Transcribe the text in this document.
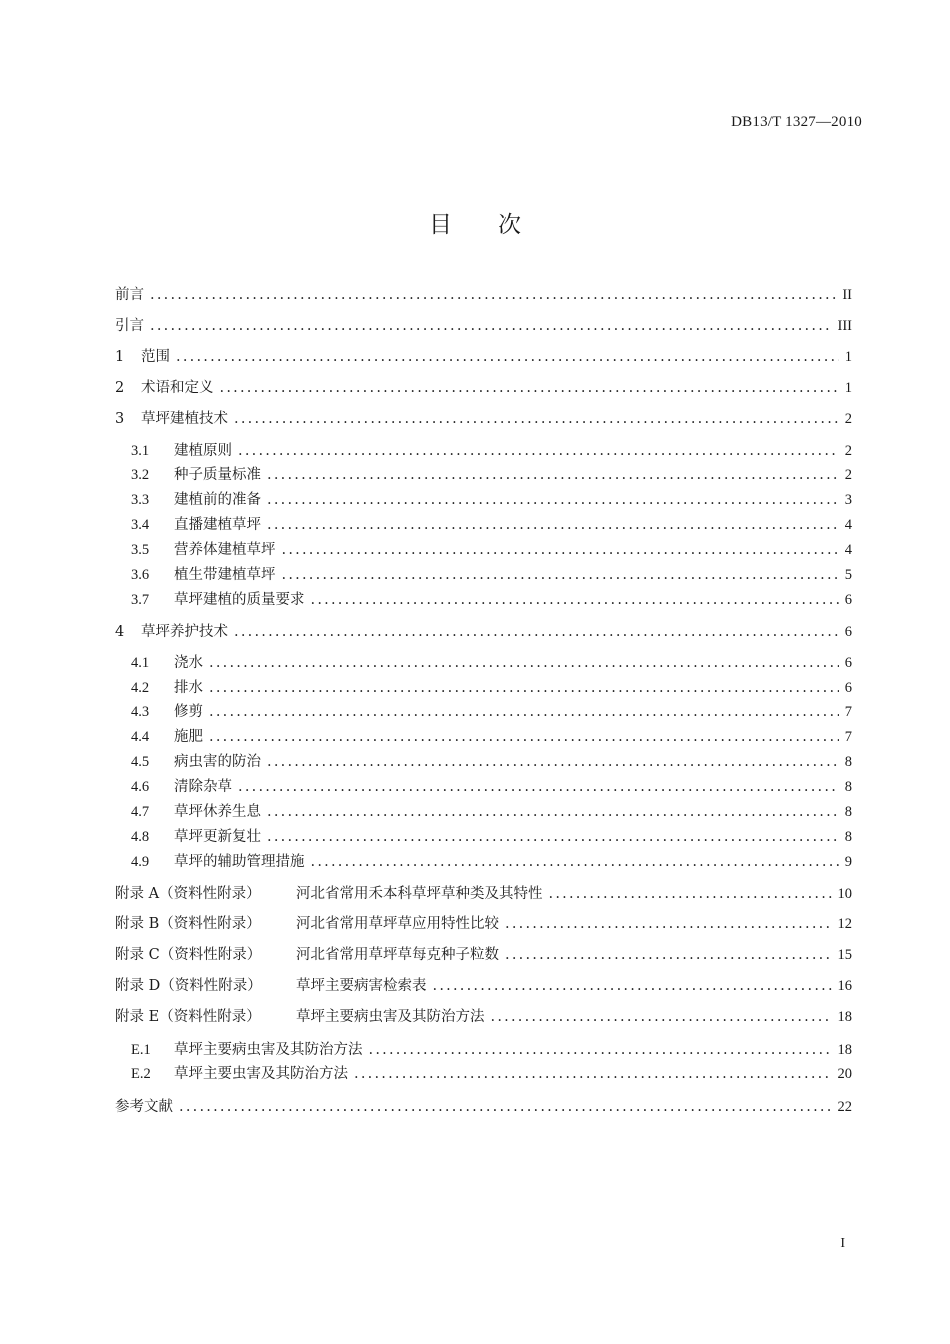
DB13/T 1327—2010
目 次
前言 . . .	II
引言 . . .	III
1	范围 . . .	1
2	术语和定义 . . .	1
3	草坪建植技术 . . .	2
3.1	建植原则 . . .	2
3.2	种子质量标准 . . .	2
3.3	建植前的准备 . . .	3
3.4	直播建植草坪 . . .	4
3.5	营养体建植草坪 . . .	4
3.6	植生带建植草坪 . . .	5
3.7	草坪建植的质量要求 . . .	6
4	草坪养护技术 . . .	6
4.1	浇水 . . .	6
4.2	排水 . . .	6
4.3	修剪 . . .	7
4.4	施肥 . . .	7
4.5	病虫害的防治 . . .	8
4.6	清除杂草 . . .	8
4.7	草坪休养生息 . . .	8
4.8	草坪更新复壮 . . .	8
4.9	草坪的辅助管理措施 . . .	9
附录 A（资料性附录）	河北省常用禾本科草坪草种类及其特性 . . .	10
附录 B（资料性附录）	河北省常用草坪草应用特性比较 . . .	12
附录 C（资料性附录）	河北省常用草坪草每克种子粒数 . . .	15
附录 D（资料性附录）	草坪主要病害检索表 . . .	16
附录 E（资料性附录）	草坪主要病虫害及其防治方法 . . .	18
E.1	草坪主要病虫害及其防治方法 . . .	18
E.2	草坪主要虫害及其防治方法 . . .	20
参考文献 . . .	22
I
